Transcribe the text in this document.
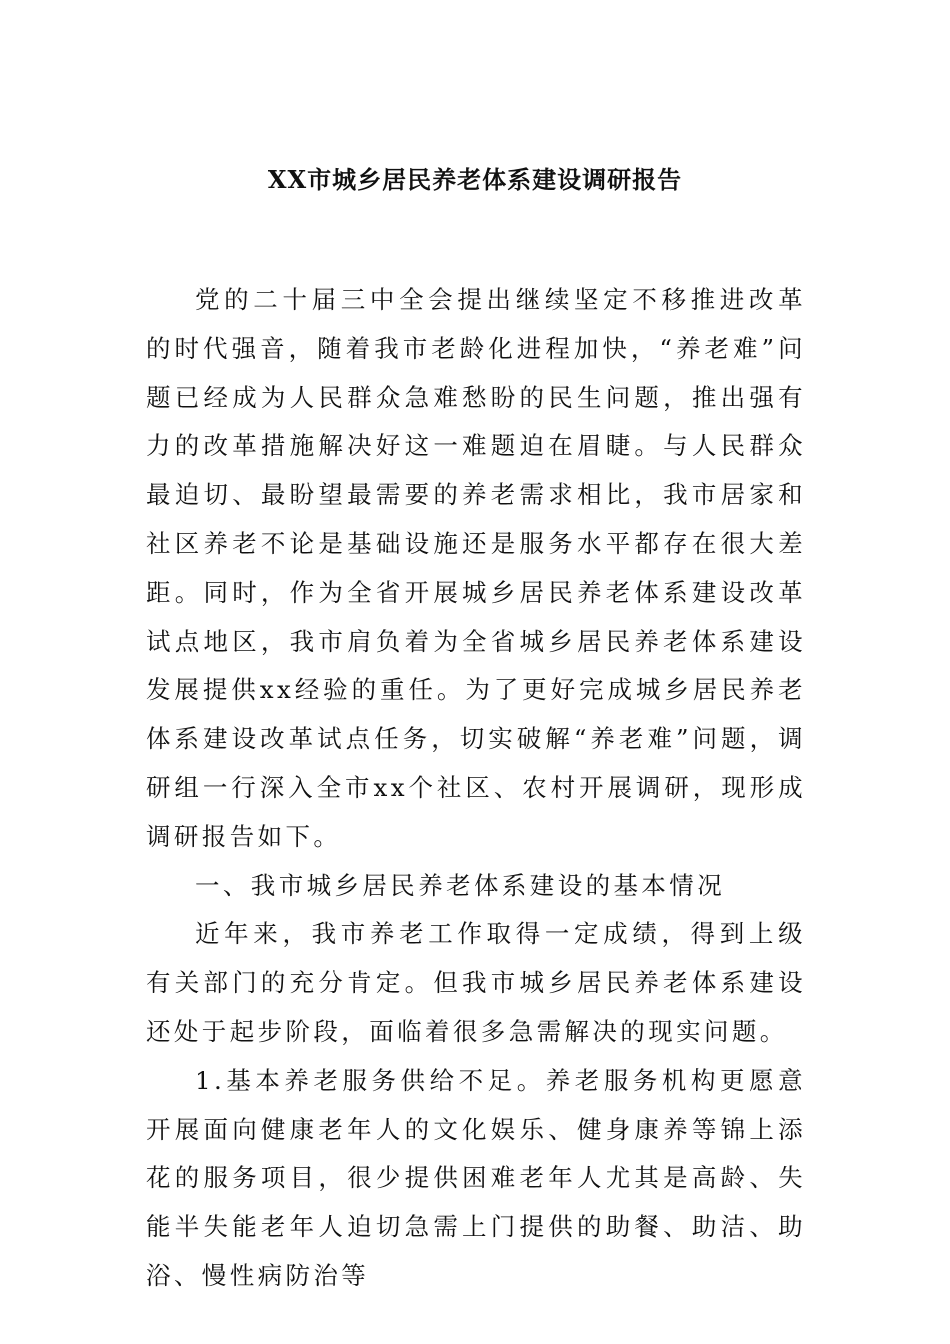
XX市城乡居民养老体系建设调研报告

党的二十届三中全会提出继续坚定不移推进改革的时代强音，随着我市老龄化进程加快，“养老难”问题已经成为人民群众急难愁盼的民生问题，推出强有力的改革措施解决好这一难题迫在眉睫。与人民群众最迫切、最盼望最需要的养老需求相比，我市居家和社区养老不论是基础设施还是服务水平都存在很大差距。同时，作为全省开展城乡居民养老体系建设改革试点地区，我市肩负着为全省城乡居民养老体系建设发展提供xx经验的重任。为了更好完成城乡居民养老体系建设改革试点任务，切实破解“养老难”问题，调研组一行深入全市xx个社区、农村开展调研，现形成调研报告如下。

一、我市城乡居民养老体系建设的基本情况

近年来，我市养老工作取得一定成绩，得到上级有关部门的充分肯定。但我市城乡居民养老体系建设还处于起步阶段，面临着很多急需解决的现实问题。

1.基本养老服务供给不足。养老服务机构更愿意开展面向健康老年人的文化娱乐、健身康养等锦上添花的服务项目，很少提供困难老年人尤其是高龄、失能半失能老年人迫切急需上门提供的助餐、助洁、助浴、慢性病防治等
